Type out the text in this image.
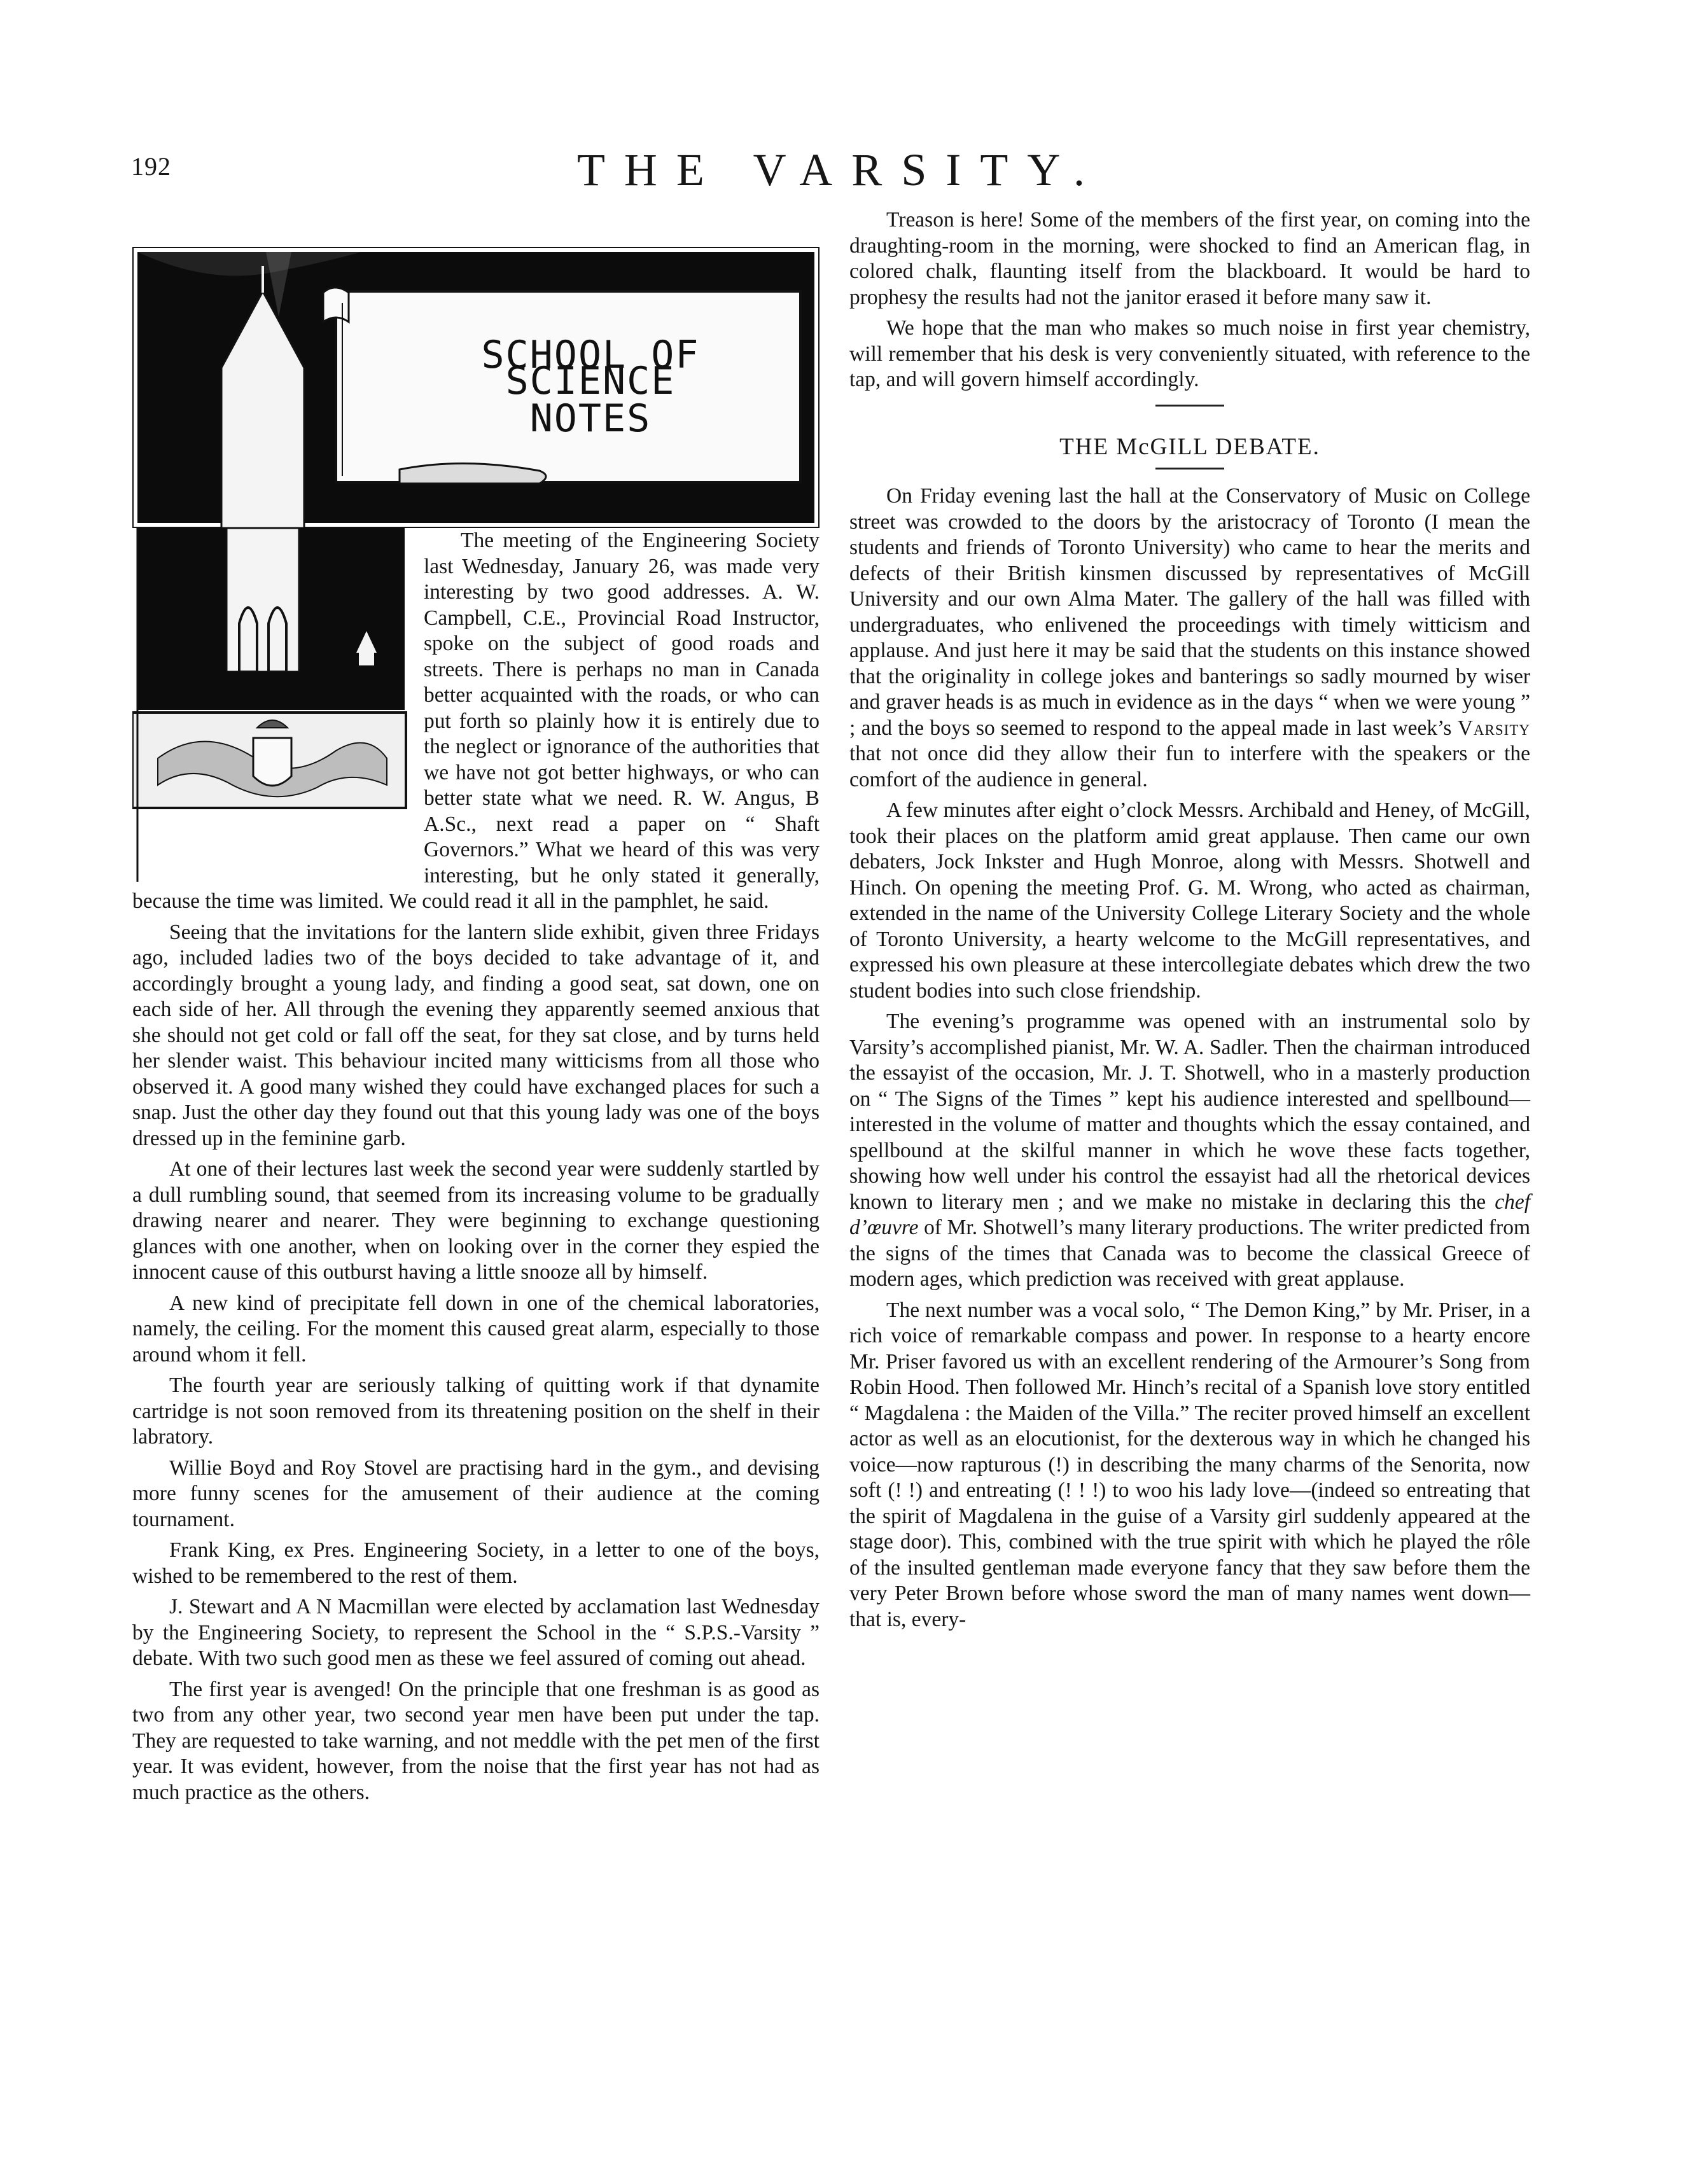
192	THE VARSITY.
SCHOOL OF SCIENCE
NOTES

The meeting of the Engineering Society last Wednesday, January 26, was made very interesting by two good addresses. A. W. Campbell, C.E., Provincial Road Instructor, spoke on the subject of good roads and streets. There is perhaps no man in Canada better acquainted with the roads, or who can put forth so plainly how it is entirely due to the neglect or ignorance of the authorities that we have not got better highways, or who can better state what we need. R. W. Angus, B A.Sc., next read a paper on “ Shaft Governors.” What we heard of this was very interesting, but he only stated it generally, because the time was limited. We could read it all in the pamphlet, he said.

Seeing that the invitations for the lantern slide exhibit, given three Fridays ago, included ladies two of the boys decided to take advantage of it, and accordingly brought a young lady, and finding a good seat, sat down, one on each side of her. All through the evening they apparently seemed anxious that she should not get cold or fall off the seat, for they sat close, and by turns held her slender waist. This behaviour incited many witticisms from all those who observed it. A good many wished they could have exchanged places for such a snap. Just the other day they found out that this young lady was one of the boys dressed up in the feminine garb.

At one of their lectures last week the second year were suddenly startled by a dull rumbling sound, that seemed from its increasing volume to be gradually drawing nearer and nearer. They were beginning to exchange questioning glances with one another, when on looking over in the corner they espied the innocent cause of this outburst having a little snooze all by himself.

A new kind of precipitate fell down in one of the chemical laboratories, namely, the ceiling. For the moment this caused great alarm, especially to those around whom it fell.

The fourth year are seriously talking of quitting work if that dynamite cartridge is not soon removed from its threatening position on the shelf in their labratory.

Willie Boyd and Roy Stovel are practising hard in the gym., and devising more funny scenes for the amusement of their audience at the coming tournament.

Frank King, ex Pres. Engineering Society, in a letter to one of the boys, wished to be remembered to the rest of them.

J. Stewart and A N Macmillan were elected by acclamation last Wednesday by the Engineering Society, to represent the School in the “ S.P.S.-Varsity ” debate. With two such good men as these we feel assured of coming out ahead.

The first year is avenged! On the principle that one freshman is as good as two from any other year, two second year men have been put under the tap. They are requested to take warning, and not meddle with the pet men of the first year. It was evident, however, from the noise that the first year has not had as much practice as the others.

Treason is here! Some of the members of the first year, on coming into the draughting-room in the morning, were shocked to find an American flag, in colored chalk, flaunting itself from the blackboard. It would be hard to prophesy the results had not the janitor erased it before many saw it.

We hope that the man who makes so much noise in first year chemistry, will remember that his desk is very conveniently situated, with reference to the tap, and will govern himself accordingly.

THE McGILL DEBATE.

On Friday evening last the hall at the Conservatory of Music on College street was crowded to the doors by the aristocracy of Toronto (I mean the students and friends of Toronto University) who came to hear the merits and defects of their British kinsmen discussed by representatives of McGill University and our own Alma Mater. The gallery of the hall was filled with undergraduates, who enlivened the proceedings with timely witticism and applause. And just here it may be said that the students on this instance showed that the originality in college jokes and banterings so sadly mourned by wiser and graver heads is as much in evidence as in the days “ when we were young ” ; and the boys so seemed to respond to the appeal made in last week’s Varsity that not once did they allow their fun to interfere with the speakers or the comfort of the audience in general.

A few minutes after eight o’clock Messrs. Archibald and Heney, of McGill, took their places on the platform amid great applause. Then came our own debaters, Jock Inkster and Hugh Monroe, along with Messrs. Shotwell and Hinch. On opening the meeting Prof. G. M. Wrong, who acted as chairman, extended in the name of the University College Literary Society and the whole of Toronto University, a hearty welcome to the McGill representatives, and expressed his own pleasure at these intercollegiate debates which drew the two student bodies into such close friendship.

The evening’s programme was opened with an instrumental solo by Varsity’s accomplished pianist, Mr. W. A. Sadler. Then the chairman introduced the essayist of the occasion, Mr. J. T. Shotwell, who in a masterly production on “ The Signs of the Times ” kept his audience interested and spellbound—interested in the volume of matter and thoughts which the essay contained, and spellbound at the skilful manner in which he wove these facts together, showing how well under his control the essayist had all the rhetorical devices known to literary men ; and we make no mistake in declaring this the chef d’œuvre of Mr. Shotwell’s many literary productions. The writer predicted from the signs of the times that Canada was to become the classical Greece of modern ages, which prediction was received with great applause.

The next number was a vocal solo, “ The Demon King,” by Mr. Priser, in a rich voice of remarkable compass and power. In response to a hearty encore Mr. Priser favored us with an excellent rendering of the Armourer’s Song from Robin Hood. Then followed Mr. Hinch’s recital of a Spanish love story entitled “ Magdalena : the Maiden of the Villa.” The reciter proved himself an excellent actor as well as an elocutionist, for the dexterous way in which he changed his voice—now rapturous (!) in describing the many charms of the Senorita, now soft (! !) and entreating (! ! !) to woo his lady love—(indeed so entreating that the spirit of Magdalena in the guise of a Varsity girl suddenly appeared at the stage door). This, combined with the true spirit with which he played the rôle of the insulted gentleman made everyone fancy that they saw before them the very Peter Brown before whose sword the man of many names went down—that is, every-
